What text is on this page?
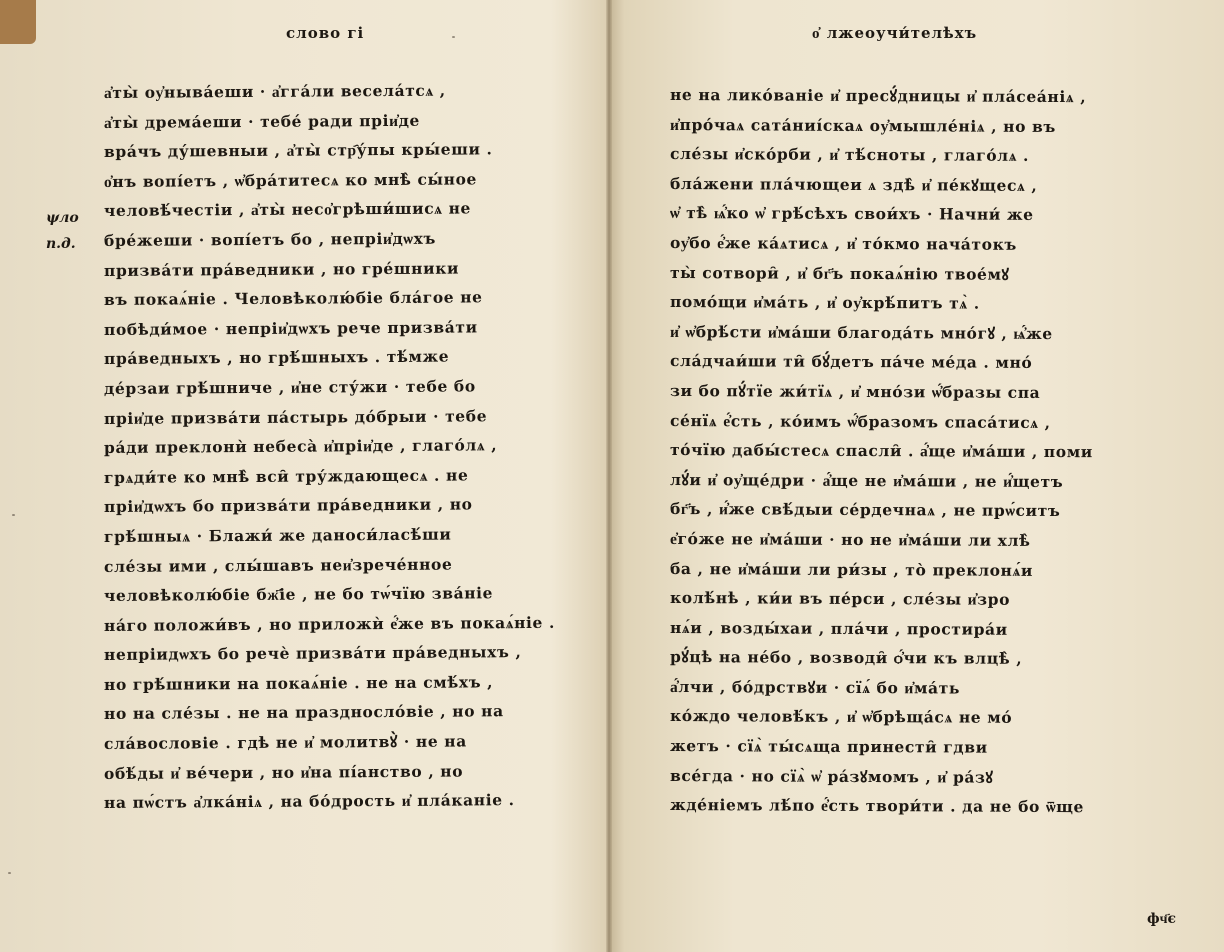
слово гі
ψло
п.д.
а҆ты̀ оу҆ныва́еши · а҆гга́ли весела́тсѧ ,
а҆ты̀ дрема́еши · тебе́ ради пріи҆де
вра́чъ ду́шевныи , а҆ты̀ стр҄у́пы кры́еши .
о҆нъ вопі́етъ , ѡ҆бра́титесѧ ко мнѣ̀ сы́ное
человѣ́честіи , а҆ты̀ несо҆грѣши́шисѧ не
бре́жеши · вопі́етъ бо , непріи҆дѡхъ
призва́ти пра́ведники , но гре́шники
въ покаѧ́ніе . Человѣколю́біе бла́гое не
побѣди́мое · непріи҆дѡхъ рече призва́ти
пра́ведныхъ , но грѣ́шныхъ . тѣ́мже
де́рзаи грѣ́шниче , и҆не сту́жи · тебе бо
пріи҆де призва́ти па́стырь до́брыи · тебе
ра́ди преклонѝ небеса̀ и҆пріи҆де , глаго́лѧ ,
грѧди́те ко мнѣ̀ вси̑ тру́ждающесѧ . не
пріи҆дѡхъ бо призва́ти пра́ведники , но
грѣ́шныѧ · Блажи́ же даноси́ласѣ́ши
сле́зы ими , слы́шавъ неи҆зрече́нное
человѣколю́біе бж҃іе , не бо тѡ́чїю зва́ніе
на́го положи́въ , но приложѝ е҆́же въ покаѧ́ніе .
непріидѡхъ бо речѐ призва́ти пра́ведныхъ ,
но грѣ́шники на покаѧ́ніе . не на смѣ́хъ ,
но на сле́зы . не на праздносло́віе , но на
сла́вословіе . гдѣ не и҆ молитвꙋ̀ · не на
обѣ́ды и҆ ве́чери , но и҆на пі́анство , но
на пѡ́стъ а҆лка́ніѧ , на бо́дрость и҆ пла́каніе .
о҆ лжеоучи́телѣхъ
не на лико́ваніе и҆ пресꙋ́дницы и҆ пла́сеа́ніѧ ,
и҆про́чаѧ сата́ниі́скаѧ оу҆мышле́ніѧ , но въ
сле́зы и҆ско́рби , и҆ тѣ́сноты , глаго́лѧ .
бла́жени пла́чющеи ѧ здѣ̀ и҆ пе́кꙋщесѧ ,
ѡ҆ тѣ̀ ѩ҆́ко ѡ҆ грѣ́сѣхъ свои́хъ · Начни́ же
оу҆бо е҆́же ка́ѧтисѧ , и҆ то́кмо нача́токъ
ты̀ сотвори̑ , и҆ бг҃ъ покаѧ́нію твое́мꙋ
помо́щи и҆ма́ть , и҆ оу҆крѣ́питъ тѧ̀ .
и҆ ѡ҆брѣ́сти и҆ма́ши благода́ть мно́гꙋ , ѩ҆́же
сла́дчаи́ши ти̑ бꙋ́детъ па́че ме́да . мно́
зи бо пꙋ́тїе жи́тїѧ , и҆ мно́зи ѡ҆́бразы спа
се́нїѧ е҆́сть , ко́имъ ѡ҆́бразомъ спаса́тисѧ ,
то́чїю дабы́стесѧ спасли̑ . а҆́ще и҆ма́ши , поми
лꙋ́и и҆ оу҆ще́дри · а҆́ще не и҆ма́ши , не и҆́щетъ
бг҃ъ , и҆́же свѣ́дыи се́рдечнаѧ , не прѡ́ситъ
е҆го́же не и҆ма́ши · но не и҆ма́ши ли хлѣ̀
ба , не и҆ма́ши ли ри́зы , то̀ преклонѧ́и
колѣ́нѣ , ки́и въ пе́рси , сле́зы и҆зро
нѧ́и , возды́хаи , пла́чи , простира́и
рꙋ́цѣ на не́бо , возводи̑ ѻ҆́чи къ влцѣ̀ ,
а҆́лчи , бо́дрствꙋи · сїѧ́ бо и҆ма́ть
ко́ждо человѣ́къ , и҆ ѡ҆брѣща́сѧ не мо́
жетъ · сїѧ̀ ты́сѧща принести̑ гдви
все́гда · но сїѧ̀ ѡ҆ ра́зꙋмомъ , и҆ ра́зꙋ
жде́ніемъ лѣ́по е҆́сть твори́ти . да не бо ѿще
фч҃є
